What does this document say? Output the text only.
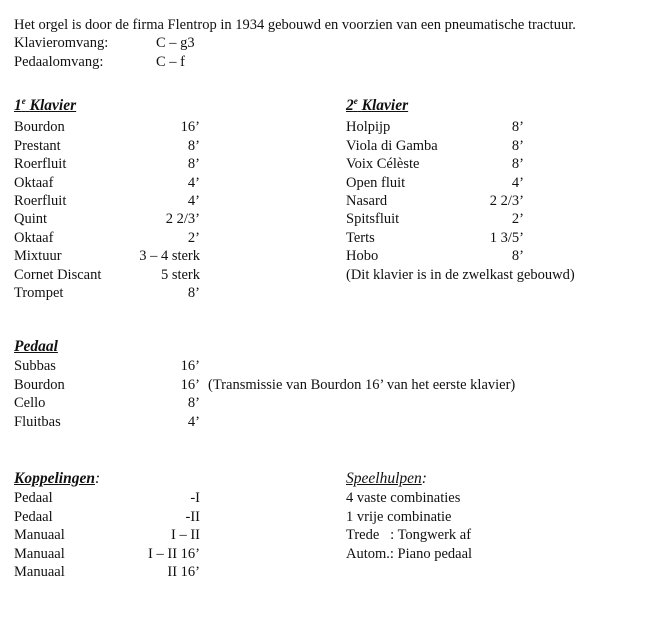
Het orgel is door de firma Flentrop in 1934 gebouwd en voorzien van een pneumatische tractuur.
Klavieromvang:	C – g3
Pedaalomvang:	C – f
1e Klavier
Bourdon	16’
Prestant	8’
Roerfluit	8’
Oktaaf	4’
Roerfluit	4’
Quint	2 2/3’
Oktaaf	2’
Mixtuur	3 – 4 sterk
Cornet Discant	5 sterk
Trompet	8’
2e Klavier
Holpijp	8’
Viola di Gamba	8’
Voix Célèste	8’
Open fluit	4’
Nasard	2 2/3’
Spitsfluit	2’
Terts	1 3/5’
Hobo	8’
(Dit klavier is in de zwelkast gebouwd)
Pedaal
Subbas	16’
Bourdon	16’ (Transmissie van Bourdon 16’ van het eerste klavier)
Cello	8’
Fluitbas	4’
Koppelingen:
Pedaal	-I
Pedaal	-II
Manuaal	I – II
Manuaal	I – II 16’
Manuaal	II 16’
Speelhulpen:
4 vaste combinaties
1 vrije combinatie
Trede   : Tongwerk af
Autom.: Piano pedaal
